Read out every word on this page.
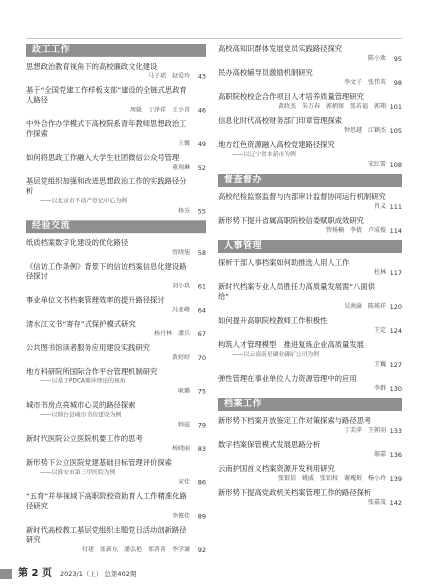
政工工作
思想政治教育视角下的高校廉政文化建设
马子珺　赵爱玲 43
基于“全国党建工作样板支部”建设的全链式思政育人路径
周媛　丁泽祥　王小青 46
中外合作办学模式下高校院系青年教师思想政治工作探索
王馨 49
如何将思政工作融入大学生社团微信公众号管理
董现琳 52
基层党组织加强和改进思想政治工作的实践路径分析
——以北京市不动产登记中心为例
杨芬 55
经验交流
纸质档案数字化建设的优化路径
曾晓旭 58
《信访工作条例》背景下的信访档案信息化建设路径探讨
刘小玖 61
事业单位文书档案管理效率的提升路径探讨
冯亚峰 64
清水江文书“寄存”式保护模式研究
杨丹林　潘兵 67
公共图书馆读者服务应用建设实践研究
黄婷婷 70
地方科研院所国际合作平台管理机制研究
——以基于PDCA循环理论的视角
耿璐 75
城市书房点亮城市心灵的路径探索
——以烟台县城市书房建设为例
韩霞 79
新时代医院公立医院机要工作的思考
杨晓丽 83
新形势下公立医院党建基础目标管理评价探索
——以淮安市第三甲医院为例
宋佳 86
“五育”并举视域下高职院校资助育人工作精准化路径研究
李俊佳 89
新时代高校教工基层党组织主题党日活动创新路径研究
付建　张新东　潘弘艳　郑菁菁　李学谦 92
高校高知识群体发展党员实践路径探究
陈小欢 95
民办高校辅导员激励机制研究
李文子　张伟英 98
高职院校校企合作项目人才培养质量管理研究
黄政杰　朱万春　郭炳镕　张若福　郭翔 101
信息化时代高校财务部门印章管理探索
钟思越　江颖杰 105
地方红色资源融入高校党建路径探究
——以辽宁省本新市为例
宋红雷 108
督查督办
高校纪检监察监督与内部审计监督协同运行机制研究
肖义 111
新形势下提升省属高职院校信委赋职成效研究
管扬楠　李倩　卢成俊 114
人事管理
探析干部人事档案如何助推选人用人工作
杜林 117
新时代档案专业人员胜任力高质量发展需“八面供给”
吴南渝　陈瑛祥 120
如何提升高职院校教师工作积极性
王定 124
构筑人才管理模型　推进复炼企业高质量发展
——以云南南星磷业磷矿公司为例
王巍 127
弹性管理在事业单位人力资源管理中的应用
李群 130
档案工作
新形势下档案开放鉴定工作对策探索与路径思考
丁芙萍　王朝羽 133
数字档案保管模式发展思路分析
郝嘉 136
云南护国首义档案资源开发利用研究
张银信　姚威　张铝权　谢瑰珉　杨小玲 139
新形势下提高党政机关档案管理工作的路径探析
张嘉茂 142
第 2 页 2023/1（上） 总第402期
